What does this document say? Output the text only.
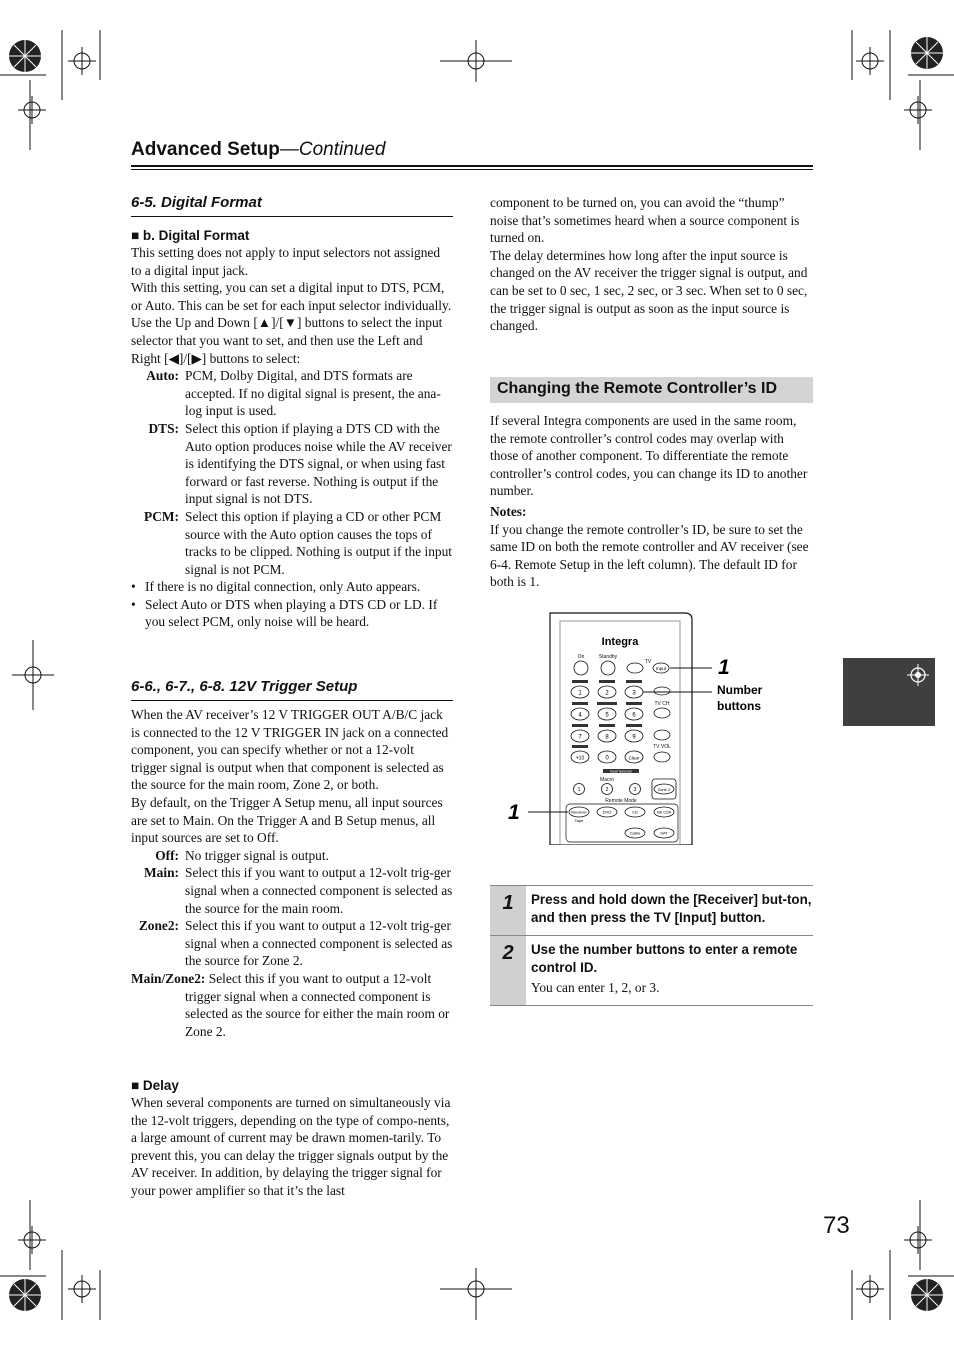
Advanced Setup—Continued
6-5. Digital Format
■ b. Digital Format

This setting does not apply to input selectors not assigned to a digital input jack.

With this setting, you can set a digital input to DTS, PCM, or Auto. This can be set for each input selector individually.

Use the Up and Down [▲]/[▼] buttons to select the input selector that you want to set, and then use the Left and Right [◀]/[▶] buttons to select:

Auto: PCM, Dolby Digital, and DTS formats are accepted. If no digital signal is present, the ana-log input is used.
DTS: Select this option if playing a DTS CD with the Auto option produces noise while the AV receiver is identifying the DTS signal, or when using fast forward or fast reverse. Nothing is output if the input signal is not DTS.
PCM: Select this option if playing a CD or other PCM source with the Auto option causes the tops of tracks to be clipped. Nothing is output if the input signal is not PCM.
• If there is no digital connection, only Auto appears.
• Select Auto or DTS when playing a DTS CD or LD. If you select PCM, only noise will be heard.
6-6., 6-7., 6-8. 12V Trigger Setup

When the AV receiver’s 12 V TRIGGER OUT A/B/C jack is connected to the 12 V TRIGGER IN jack on a connected component, you can specify whether or not a 12-volt trigger signal is output when that component is selected as the source for the main room, Zone 2, or both.

By default, on the Trigger A Setup menu, all input sources are set to Main. On the Trigger A and B Setup menus, all input sources are set to Off.

Off: No trigger signal is output.
Main: Select this if you want to output a 12-volt trig-ger signal when a connected component is selected as the source for the main room.
Zone2: Select this if you want to output a 12-volt trig-ger signal when a connected component is selected as the source for Zone 2.
Main/Zone2: Select this if you want to output a 12-volt trigger signal when a connected component is selected as the source for either the main room or Zone 2.
■ Delay

When several components are turned on simultaneously via the 12-volt triggers, depending on the type of compo-nents, a large amount of current may be drawn momen-tarily. To prevent this, you can delay the trigger signals output by the AV receiver. In addition, by delaying the trigger signal for your power amplifier so that it’s the last

component to be turned on, you can avoid the “thump” noise that’s sometimes heard when a source component is turned on.

The delay determines how long after the input source is changed on the AV receiver the trigger signal is output, and can be set to 0 sec, 1 sec, 2 sec, or 3 sec. When set to 0 sec, the trigger signal is output as soon as the input source is changed.

Changing the Remote Controller’s ID

If several Integra components are used in the same room, the remote controller’s control codes may overlap with those of another component. To differentiate the remote controller’s control codes, you can change its ID to another number.

Notes:

If you change the remote controller’s ID, be sure to set the same ID on both the remote controller and AV receiver (see 6-4. Remote Setup in the left column). The default ID for both is 1.

Integra
On	Standby
TV
TV CH
TV VOL
Macro
Remote Mode
Input
Input Selector
1	2	3
4	5	6
7	8	9
+10	0	Clear
1	2	3	Zone 2
Receiver
Tape
DVD	CD	MD CDR
Cable	SAT
1
1
Number
buttons
1	Press and hold down the [Receiver] but-ton, and then press the TV [Input] button.
2	Use the number buttons to enter a remote control ID.
You can enter 1, 2, or 3.
73
